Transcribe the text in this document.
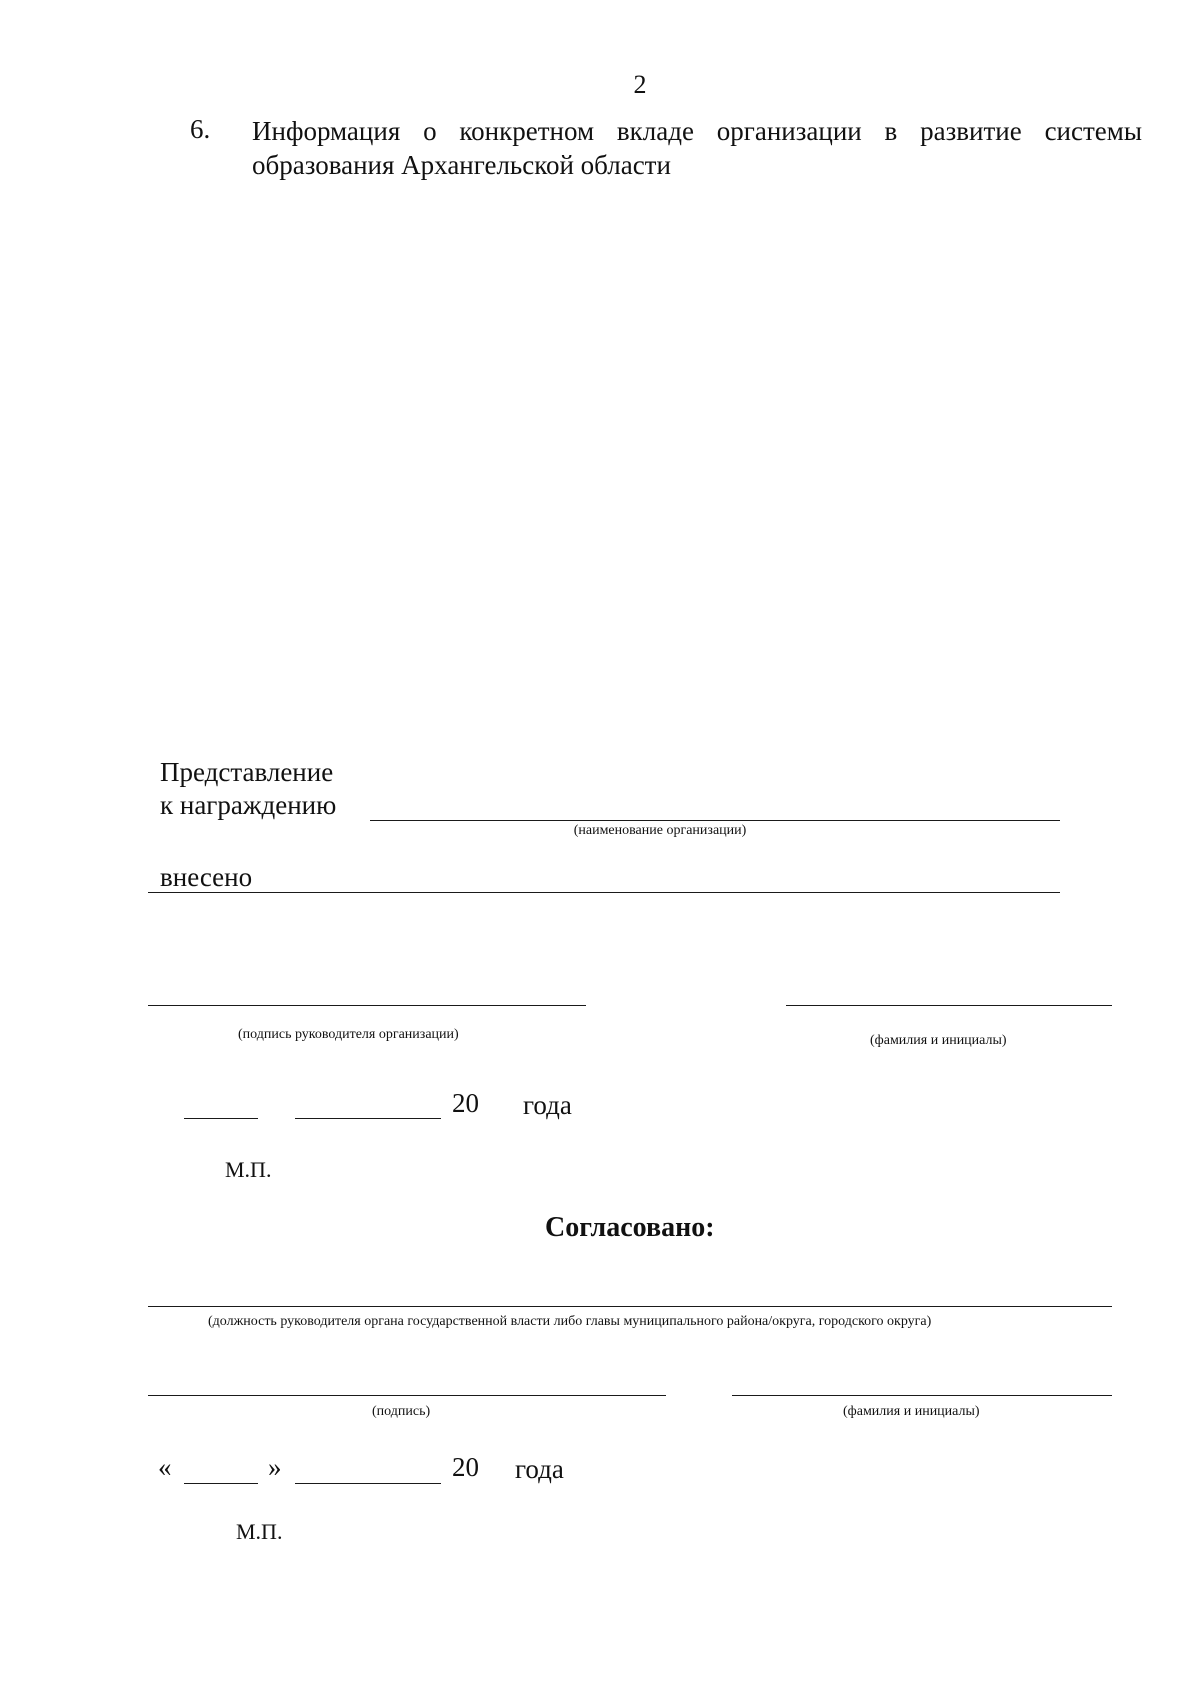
2
6. Информация о конкретном вкладе организации в развитие системы образования Архангельской области
Представление
к награждению
(наименование организации)
внесено
(подпись руководителя организации)	(фамилия и инициалы)
20 года
М.П.
Согласовано:
(должность руководителя органа государственной власти либо главы муниципального района/округа, городского округа)
(подпись)	(фамилия и инициалы)
«	»	20 года
М.П.
